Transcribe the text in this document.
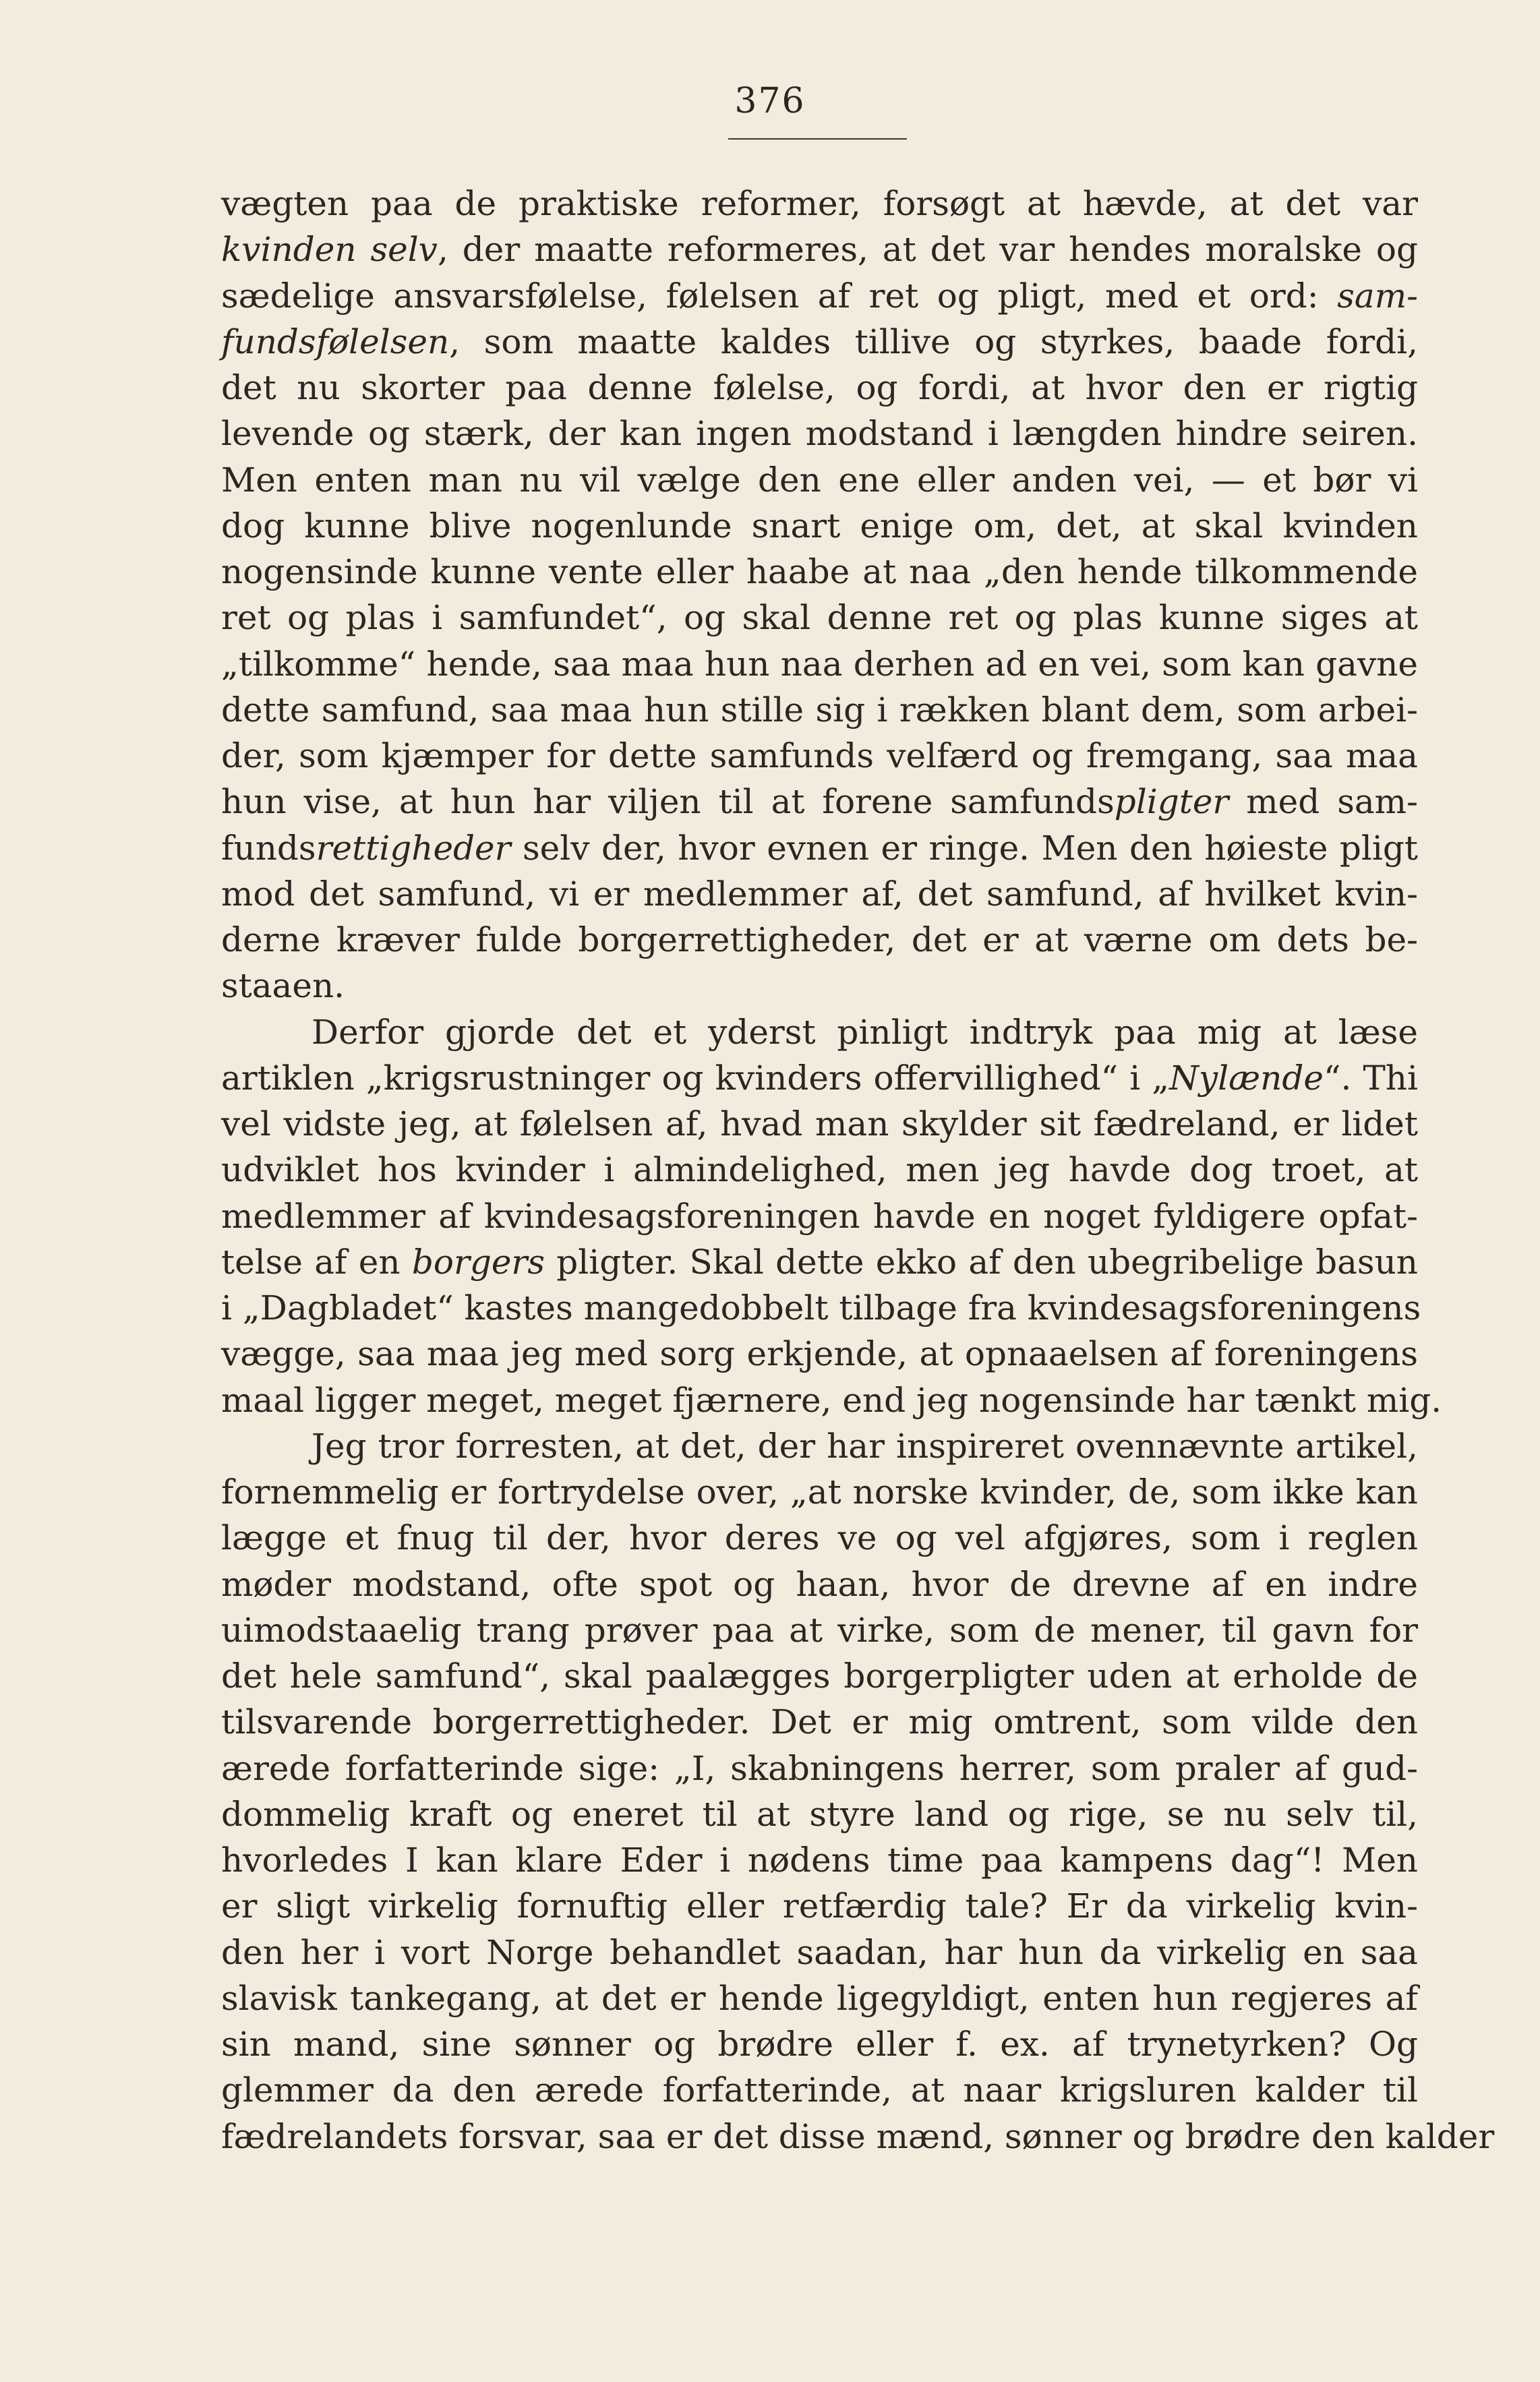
376
vægten paa de praktiske reformer, forsøgt at hævde, at det var
kvinden selv, der maatte reformeres, at det var hendes moralske og
sædelige ansvarsfølelse, følelsen af ret og pligt, med et ord: sam-
fundsfølelsen, som maatte kaldes tillive og styrkes, baade fordi,
det nu skorter paa denne følelse, og fordi, at hvor den er rigtig
levende og stærk, der kan ingen modstand i længden hindre seiren.
Men enten man nu vil vælge den ene eller anden vei, — et bør vi
dog kunne blive nogenlunde snart enige om, det, at skal kvinden
nogensinde kunne vente eller haabe at naa „den hende tilkommende
ret og plas i samfundet“, og skal denne ret og plas kunne siges at
„tilkomme“ hende, saa maa hun naa derhen ad en vei, som kan gavne
dette samfund, saa maa hun stille sig i rækken blant dem, som arbei-
der, som kjæmper for dette samfunds velfærd og fremgang, saa maa
hun vise, at hun har viljen til at forene samfundspligter med sam-
fundsrettigheder selv der, hvor evnen er ringe. Men den høieste pligt
mod det samfund, vi er medlemmer af, det samfund, af hvilket kvin-
derne kræver fulde borgerrettigheder, det er at værne om dets be-
staaen.
Derfor gjorde det et yderst pinligt indtryk paa mig at læse
artiklen „krigsrustninger og kvinders offervillighed“ i „Nylænde“. Thi
vel vidste jeg, at følelsen af, hvad man skylder sit fædreland, er lidet
udviklet hos kvinder i almindelighed, men jeg havde dog troet, at
medlemmer af kvindesagsforeningen havde en noget fyldigere opfat-
telse af en borgers pligter. Skal dette ekko af den ubegribelige basun
i „Dagbladet“ kastes mangedobbelt tilbage fra kvindesagsforeningens
vægge, saa maa jeg med sorg erkjende, at opnaaelsen af foreningens
maal ligger meget, meget fjærnere, end jeg nogensinde har tænkt mig.
Jeg tror forresten, at det, der har inspireret ovennævnte artikel,
fornemmelig er fortrydelse over, „at norske kvinder, de, som ikke kan
lægge et fnug til der, hvor deres ve og vel afgjøres, som i reglen
møder modstand, ofte spot og haan, hvor de drevne af en indre
uimodstaaelig trang prøver paa at virke, som de mener, til gavn for
det hele samfund“, skal paalægges borgerpligter uden at erholde de
tilsvarende borgerrettigheder. Det er mig omtrent, som vilde den
ærede forfatterinde sige: „I, skabningens herrer, som praler af gud-
dommelig kraft og eneret til at styre land og rige, se nu selv til,
hvorledes I kan klare Eder i nødens time paa kampens dag“! Men
er sligt virkelig fornuftig eller retfærdig tale? Er da virkelig kvin-
den her i vort Norge behandlet saadan, har hun da virkelig en saa
slavisk tankegang, at det er hende ligegyldigt, enten hun regjeres af
sin mand, sine sønner og brødre eller f. ex. af trynetyrken? Og
glemmer da den ærede forfatterinde, at naar krigsluren kalder til
fædrelandets forsvar, saa er det disse mænd, sønner og brødre den kalder
